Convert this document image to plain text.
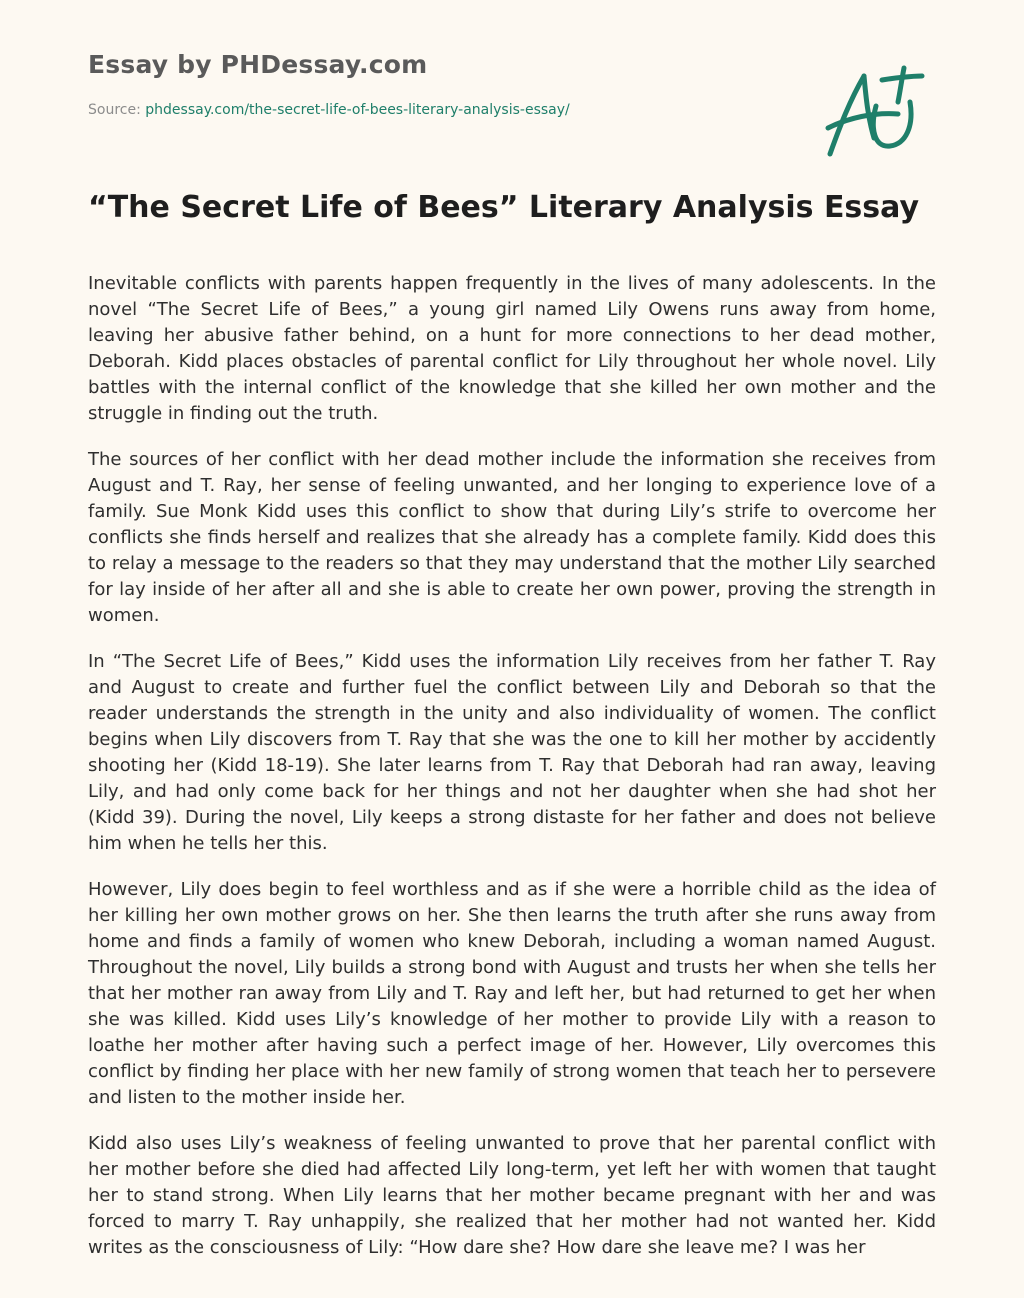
Essay by PHDessay.com
Source: phdessay.com/the-secret-life-of-bees-literary-analysis-essay/
“The Secret Life of Bees” Literary Analysis Essay

Inevitable conflicts with parents happen frequently in the lives of many adolescents. In the novel “The Secret Life of Bees,” a young girl named Lily Owens runs away from home, leaving her abusive father behind, on a hunt for more connections to her dead mother, Deborah. Kidd places obstacles of parental conflict for Lily throughout her whole novel. Lily battles with the internal conflict of the knowledge that she killed her own mother and the struggle in finding out the truth.

The sources of her conflict with her dead mother include the information she receives from August and T. Ray, her sense of feeling unwanted, and her longing to experience love of a family. Sue Monk Kidd uses this conflict to show that during Lily’s strife to overcome her conflicts she finds herself and realizes that she already has a complete family. Kidd does this to relay a message to the readers so that they may understand that the mother Lily searched for lay inside of her after all and she is able to create her own power, proving the strength in women.

In “The Secret Life of Bees,” Kidd uses the information Lily receives from her father T. Ray and August to create and further fuel the conflict between Lily and Deborah so that the reader understands the strength in the unity and also individuality of women. The conflict begins when Lily discovers from T. Ray that she was the one to kill her mother by accidently shooting her (Kidd 18-19). She later learns from T. Ray that Deborah had ran away, leaving Lily, and had only come back for her things and not her daughter when she had shot her (Kidd 39). During the novel, Lily keeps a strong distaste for her father and does not believe him when he tells her this.

However, Lily does begin to feel worthless and as if she were a horrible child as the idea of her killing her own mother grows on her. She then learns the truth after she runs away from home and finds a family of women who knew Deborah, including a woman named August. Throughout the novel, Lily builds a strong bond with August and trusts her when she tells her that her mother ran away from Lily and T. Ray and left her, but had returned to get her when she was killed. Kidd uses Lily’s knowledge of her mother to provide Lily with a reason to loathe her mother after having such a perfect image of her. However, Lily overcomes this conflict by finding her place with her new family of strong women that teach her to persevere and listen to the mother inside her.

Kidd also uses Lily’s weakness of feeling unwanted to prove that her parental conflict with her mother before she died had affected Lily long-term, yet left her with women that taught her to stand strong. When Lily learns that her mother became pregnant with her and was forced to marry T. Ray unhappily, she realized that her mother had not wanted her. Kidd writes as the consciousness of Lily: “How dare she? How dare she leave me? I was her
